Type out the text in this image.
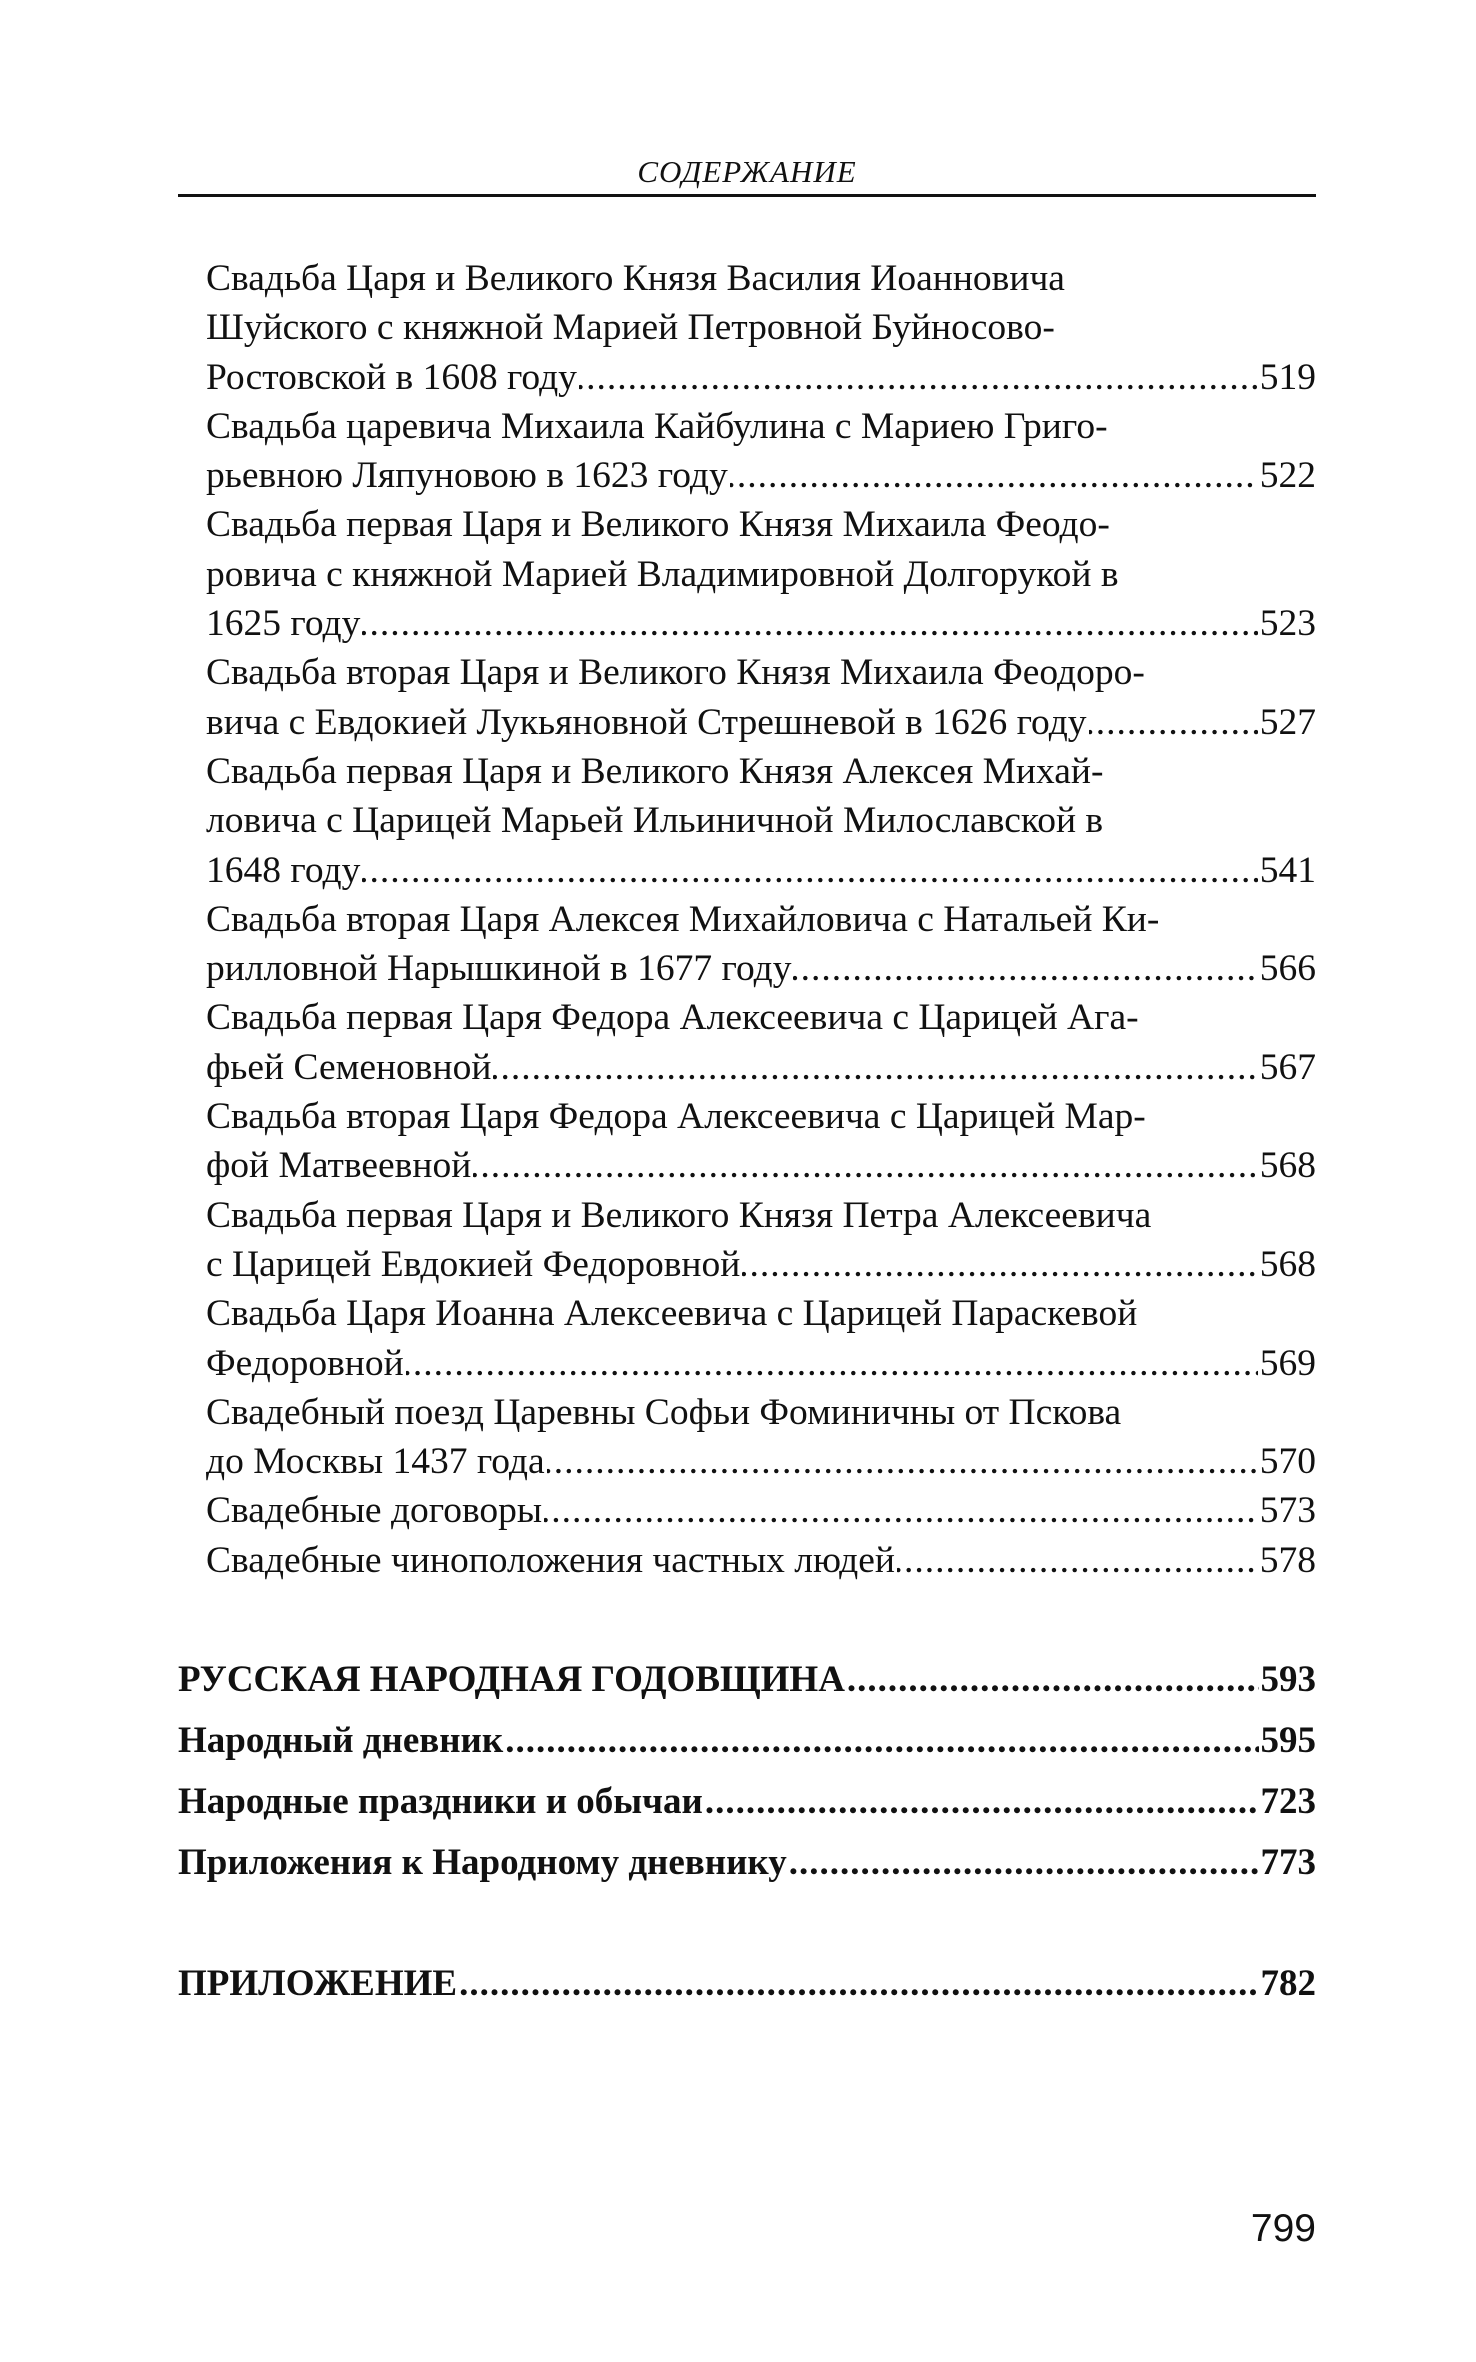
СОДЕРЖАНИЕ
Свадьба Царя и Великого Князя Василия Иоанновича
Шуйского с княжной Марией Петровной Буйносово-
Ростовской в 1608 году .....	519
Свадьба царевича Михаила Кайбулина с Мариею Григо-
рьевною Ляпуновою в 1623 году .....	522
Свадьба первая Царя и Великого Князя Михаила Феодо-
ровича с княжной Марией Владимировной Долгорукой в
1625 году .....	523
Свадьба вторая Царя и Великого Князя Михаила Феодоро-
вича с Евдокией Лукьяновной Стрешневой в 1626 году .....	527
Свадьба первая Царя и Великого Князя Алексея Михай-
ловича с Царицей Марьей Ильиничной Милославской в
1648 году .....	541
Свадьба вторая Царя Алексея Михайловича с Натальей Ки-
рилловной Нарышкиной в 1677 году .....	566
Свадьба первая Царя Федора Алексеевича с Царицей Ага-
фьей Семеновной .....	567
Свадьба вторая Царя Федора Алексеевича с Царицей Мар-
фой Матвеевной .....	568
Свадьба первая Царя и Великого Князя Петра Алексеевича
с Царицей Евдокией Федоровной .....	568
Свадьба Царя Иоанна Алексеевича с Царицей Параскевой
Федоровной .....	569
Свадебный поезд Царевны Софьи Фоминичны от Пскова
до Москвы 1437 года .....	570
Свадебные договоры .....	573
Свадебные чиноположения частных людей .....	578
РУССКАЯ НАРОДНАЯ ГОДОВЩИНА .....	593
Народный дневник .....	595
Народные праздники и обычаи .....	723
Приложения к Народному дневнику .....	773
ПРИЛОЖЕНИЕ .....	782
799
